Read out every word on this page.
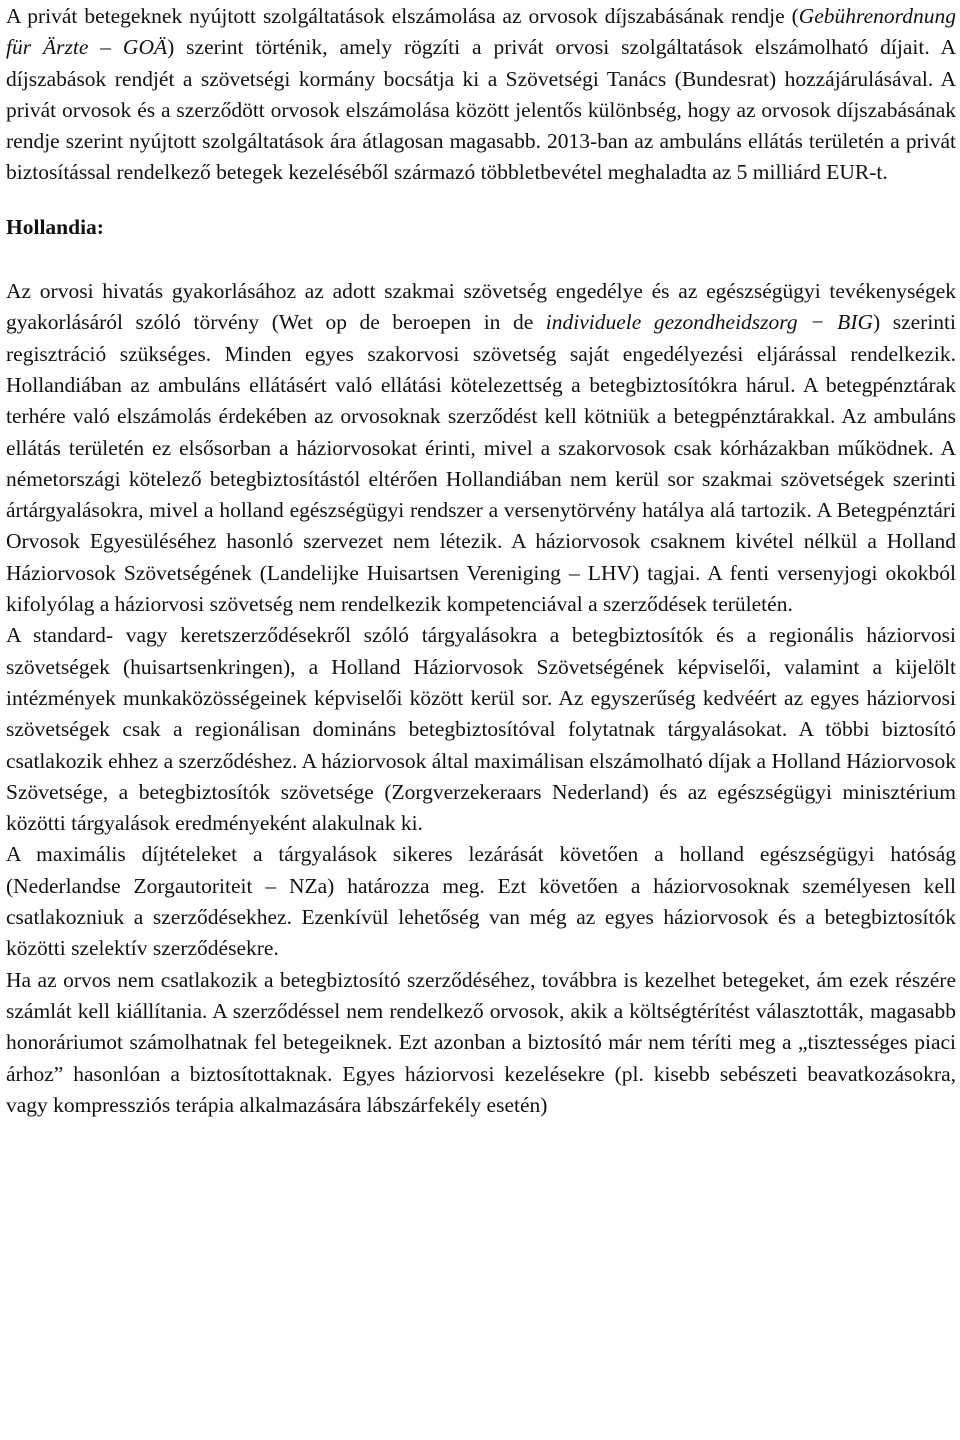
A privát betegeknek nyújtott szolgáltatások elszámolása az orvosok díjszabásának rendje (Gebührenordnung für Ärzte – GOÄ) szerint történik, amely rögzíti a privát orvosi szolgáltatások elszámolható díjait. A díjszabások rendjét a szövetségi kormány bocsátja ki a Szövetségi Tanács (Bundesrat) hozzájárulásával. A privát orvosok és a szerződött orvosok elszámolása között jelentős különbség, hogy az orvosok díjszabásának rendje szerint nyújtott szolgáltatások ára átlagosan magasabb. 2013-ban az ambuláns ellátás területén a privát biztosítással rendelkező betegek kezeléséből származó többletbevétel meghaladta az 5 milliárd EUR-t.

Hollandia:

Az orvosi hivatás gyakorlásához az adott szakmai szövetség engedélye és az egészségügyi tevékenységek gyakorlásáról szóló törvény (Wet op de beroepen in de individuele gezondheidszorg − BIG) szerinti regisztráció szükséges. Minden egyes szakorvosi szövetség saját engedélyezési eljárással rendelkezik. Hollandiában az ambuláns ellátásért való ellátási kötelezettség a betegbiztosítókra hárul. A betegpénztárak terhére való elszámolás érdekében az orvosoknak szerződést kell kötniük a betegpénztárakkal. Az ambuláns ellátás területén ez elsősorban a háziorvosokat érinti, mivel a szakorvosok csak kórházakban működnek. A németországi kötelező betegbiztosítástól eltérően Hollandiában nem kerül sor szakmai szövetségek szerinti ártárgyalásokra, mivel a holland egészségügyi rendszer a versenytörvény hatálya alá tartozik. A Betegpénztári Orvosok Egyesüléséhez hasonló szervezet nem létezik. A háziorvosok csaknem kivétel nélkül a Holland Háziorvosok Szövetségének (Landelijke Huisartsen Vereniging – LHV) tagjai. A fenti versenyjogi okokból kifolyólag a háziorvosi szövetség nem rendelkezik kompetenciával a szerződések területén.

A standard- vagy keretszerződésekről szóló tárgyalásokra a betegbiztosítók és a regionális háziorvosi szövetségek (huisartsenkringen), a Holland Háziorvosok Szövetségének képviselői, valamint a kijelölt intézmények munkaközösségeinek képviselői között kerül sor. Az egyszerűség kedvéért az egyes háziorvosi szövetségek csak a regionálisan domináns betegbiztosítóval folytatnak tárgyalásokat. A többi biztosító csatlakozik ehhez a szerződéshez. A háziorvosok által maximálisan elszámolható díjak a Holland Háziorvosok Szövetsége, a betegbiztosítók szövetsége (Zorgverzekeraars Nederland) és az egészségügyi minisztérium közötti tárgyalások eredményeként alakulnak ki.

A maximális díjtételeket a tárgyalások sikeres lezárását követően a holland egészségügyi hatóság (Nederlandse Zorgautoriteit – NZa) határozza meg. Ezt követően a háziorvosoknak személyesen kell csatlakozniuk a szerződésekhez. Ezenkívül lehetőség van még az egyes háziorvosok és a betegbiztosítók közötti szelektív szerződésekre.

Ha az orvos nem csatlakozik a betegbiztosító szerződéséhez, továbbra is kezelhet betegeket, ám ezek részére számlát kell kiállítania. A szerződéssel nem rendelkező orvosok, akik a költségtérítést választották, magasabb honoráriumot számolhatnak fel betegeiknek. Ezt azonban a biztosító már nem téríti meg a „tisztességes piaci árhoz” hasonlóan a biztosítottaknak. Egyes háziorvosi kezelésekre (pl. kisebb sebészeti beavatkozásokra, vagy kompressziós terápia alkalmazására lábszárfekély esetén)
